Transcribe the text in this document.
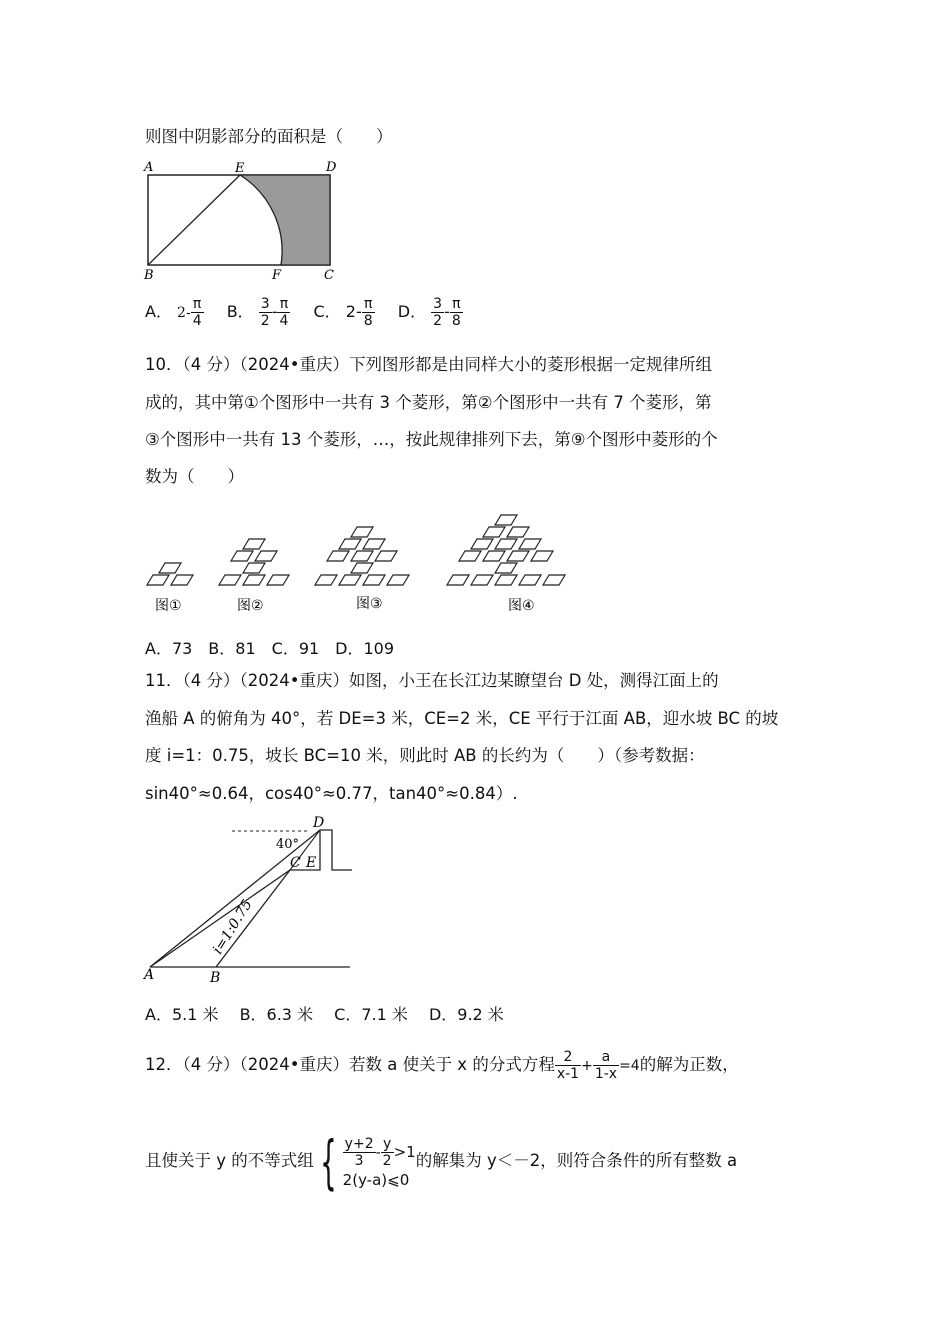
则图中阴影部分的面积是（　　）
A	E	D
B	F	C
A． $2- \frac{\pi}{4}$ B． $\frac{3}{2} - \frac{\pi}{4}$ C． $2- \frac{\pi}{8}$ D． $\frac{3}{2} - \frac{\pi}{8}$
10．（4 分）（2024•重庆）下列图形都是由同样大小的菱形根据一定规律所组
成的，其中第①个图形中一共有 3 个菱形，第②个图形中一共有 7 个菱形，第
③个图形中一共有 13 个菱形，…，按此规律排列下去，第⑨个图形中菱形的个
数为（　　）
图①	图②	图③	图④
A．73　B．81　C．91　D．109
11．（4 分）（2024•重庆）如图，小王在长江边某瞭望台 D 处，测得江面上的
渔船 A 的俯角为 40°，若 DE=3 米，CE=2 米，CE 平行于江面 AB，迎水坡 BC 的坡
度 i=1：0.75，坡长 BC=10 米，则此时 AB 的长约为（　　）（参考数据：
sin40°≈0.64，cos40°≈0.77，tan40°≈0.84）.
40°
D
C E
A	B
i=1:0.75
A．5.1 米　 B．6.3 米　 C．7.1 米　 D．9.2 米
12．（4 分）（2024•重庆）若数 a 使关于 x 的分式方程 $\frac{2}{x-1} + \frac{a}{1-x} =4$的解为正数，
且使关于 y 的不等式组 { $\frac{y+2}{3} - \frac{y}{2} >1$
2(y-a)⩽0
的解集为 y＜－2，则符合条件的所有整数 a
